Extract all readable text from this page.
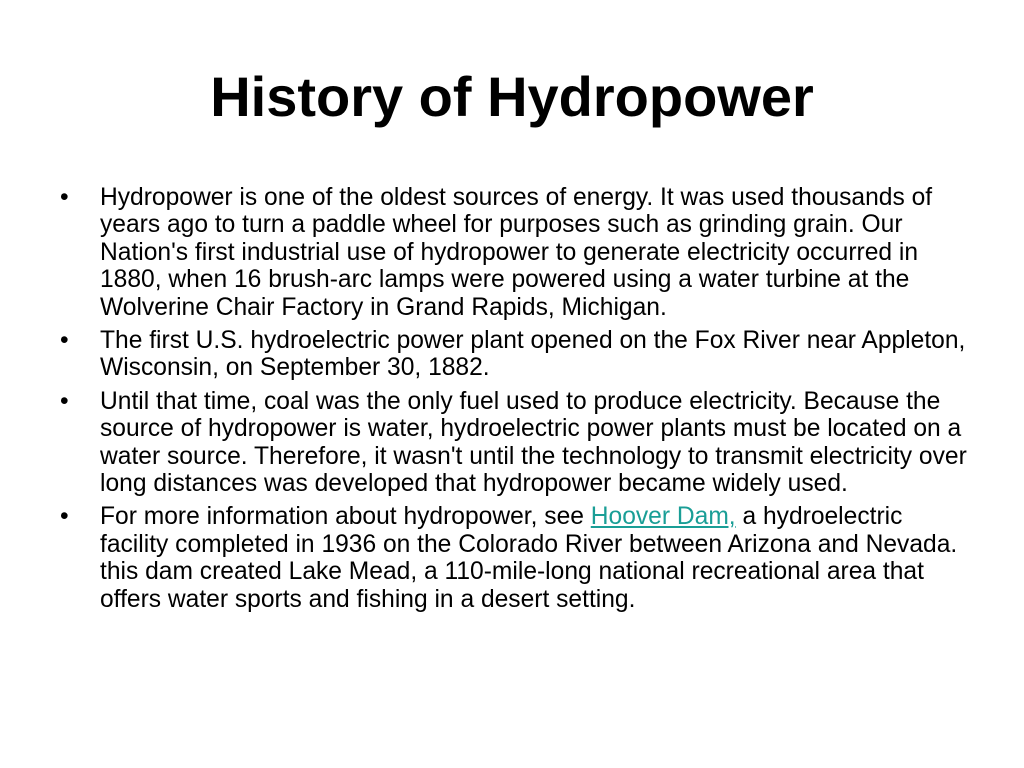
History of Hydropower
•	Hydropower is one of the oldest sources of energy. It was used thousands of years ago to turn a paddle wheel for purposes such as grinding grain. Our Nation's first industrial use of hydropower to generate electricity occurred in 1880, when 16 brush-arc lamps were powered using a water turbine at the Wolverine Chair Factory in Grand Rapids, Michigan.
•	The first U.S. hydroelectric power plant opened on the Fox River near Appleton, Wisconsin, on September 30, 1882.
•	Until that time, coal was the only fuel used to produce electricity. Because the source of hydropower is water, hydroelectric power plants must be located on a water source. Therefore, it wasn't until the technology to transmit electricity over long distances was developed that hydropower became widely used.
•	For more information about hydropower, see Hoover Dam, a hydroelectric facility completed in 1936 on the Colorado River between Arizona and Nevada. this dam created Lake Mead, a 110-mile-long national recreational area that offers water sports and fishing in a desert setting.
